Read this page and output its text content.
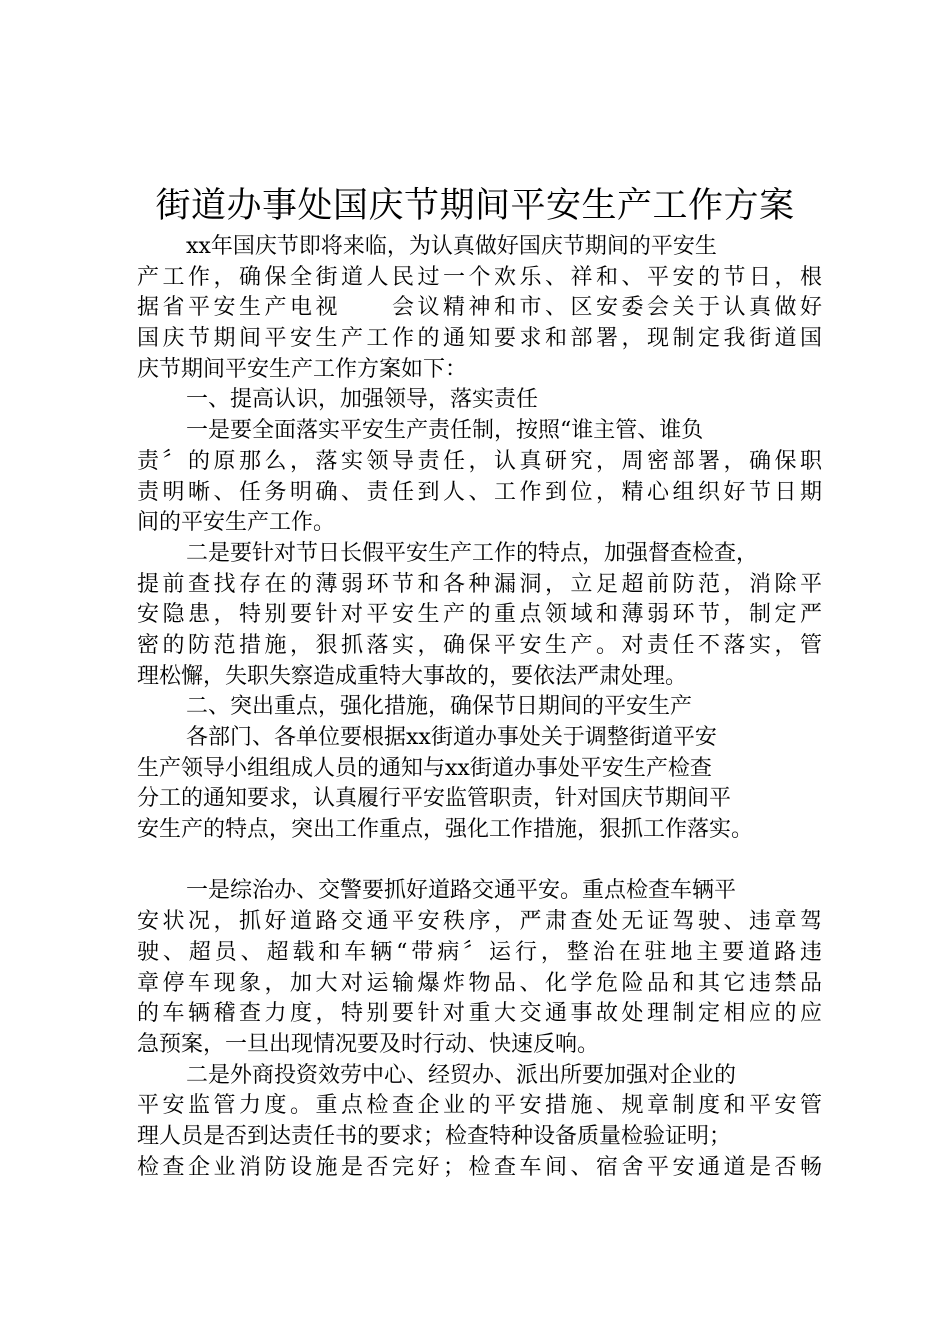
街道办事处国庆节期间平安生产工作方案
xx年国庆节即将来临，为认真做好国庆节期间的平安生
产工作，确保全街道人民过一个欢乐、祥和、平安的节日，根
据省平安生产电视　　会议精神和市、区安委会关于认真做好
国庆节期间平安生产工作的通知要求和部署，现制定我街道国
庆节期间平安生产工作方案如下：
一、提高认识，加强领导，落实责任
一是要全面落实平安生产责任制，按照“谁主管、谁负
责〞的原那么，落实领导责任，认真研究，周密部署，确保职
责明晰、任务明确、责任到人、工作到位，精心组织好节日期
间的平安生产工作。
二是要针对节日长假平安生产工作的特点，加强督查检查，
提前查找存在的薄弱环节和各种漏洞，立足超前防范，消除平
安隐患，特别要针对平安生产的重点领域和薄弱环节，制定严
密的防范措施，狠抓落实，确保平安生产。对责任不落实，管
理松懈，失职失察造成重特大事故的，要依法严肃处理。
二、突出重点，强化措施，确保节日期间的平安生产
各部门、各单位要根据xx街道办事处关于调整街道平安
生产领导小组组成人员的通知与xx街道办事处平安生产检查
分工的通知要求，认真履行平安监管职责，针对国庆节期间平
安生产的特点，突出工作重点，强化工作措施，狠抓工作落实。
一是综治办、交警要抓好道路交通平安。重点检查车辆平
安状况，抓好道路交通平安秩序，严肃查处无证驾驶、违章驾
驶、超员、超载和车辆“带病〞运行，整治在驻地主要道路违
章停车现象，加大对运输爆炸物品、化学危险品和其它违禁品
的车辆稽查力度，特别要针对重大交通事故处理制定相应的应
急预案，一旦出现情况要及时行动、快速反响。
二是外商投资效劳中心、经贸办、派出所要加强对企业的
平安监管力度。重点检查企业的平安措施、规章制度和平安管
理人员是否到达责任书的要求；检查特种设备质量检验证明；
检查企业消防设施是否完好；检查车间、宿舍平安通道是否畅
